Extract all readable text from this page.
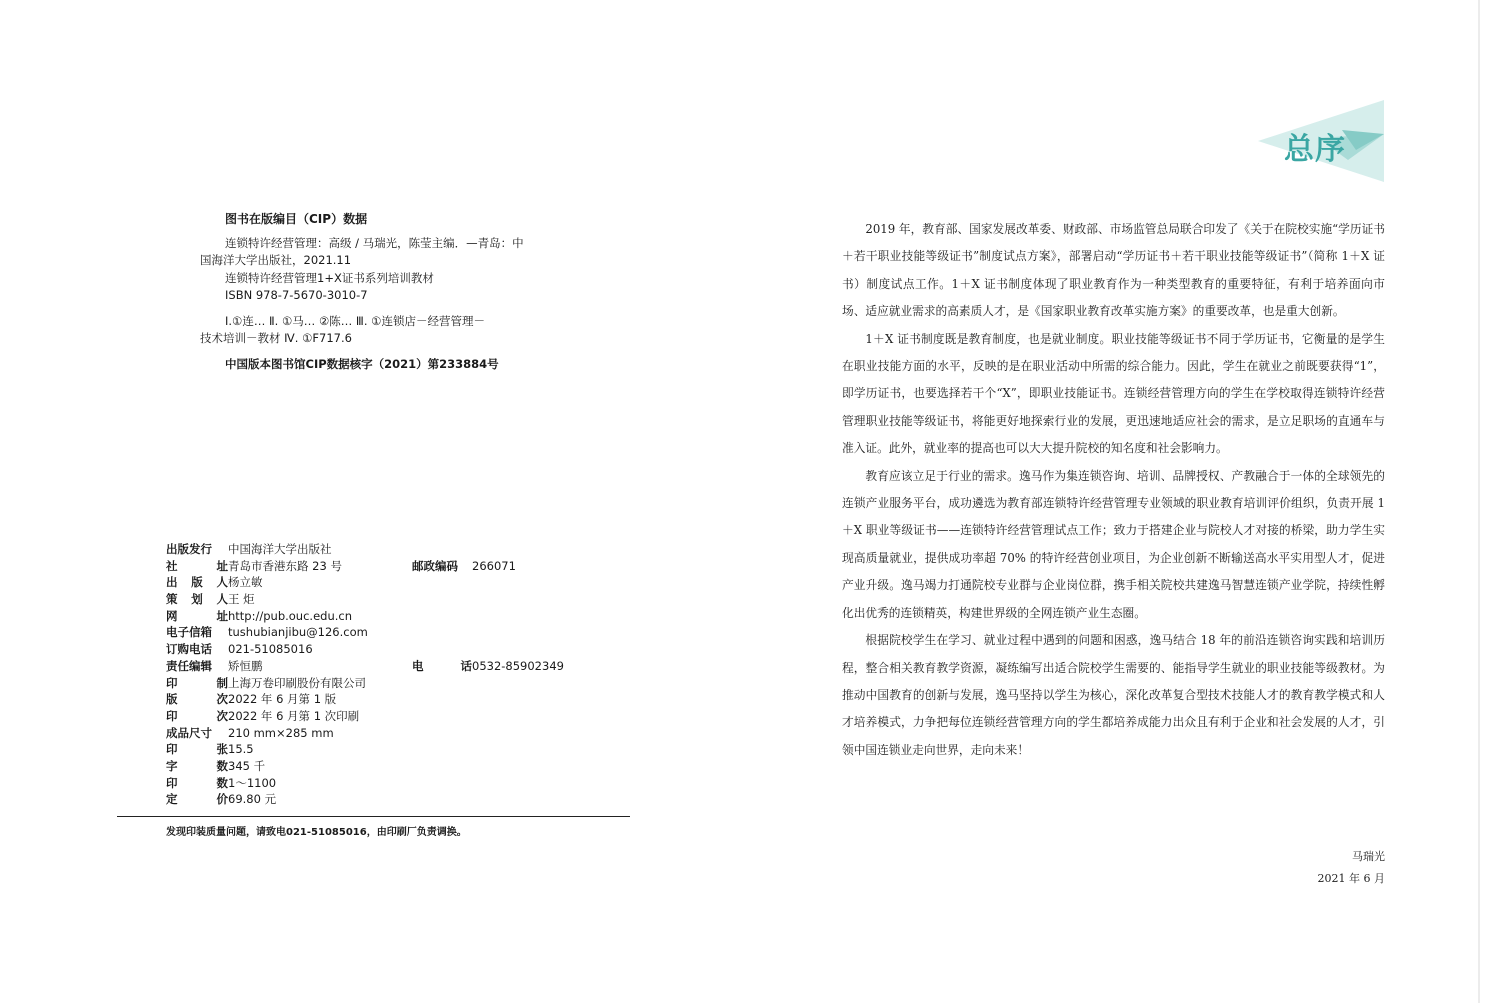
图书在版编目（CIP）数据
连锁特许经营管理：高级 / 马瑞光，陈莹主编．—青岛：中
国海洋大学出版社，2021.11
连锁特许经营管理1+X证书系列培训教材
ISBN 978-7-5670-3010-7
Ⅰ.①连… Ⅱ. ①马… ②陈… Ⅲ. ①连锁店－经营管理－
技术培训－教材 Ⅳ. ①F717.6
中国版本图书馆CIP数据核字（2021）第233884号
出版发行 中国海洋大学出版社
社	址 青岛市香港东路 23 号	邮政编码	266071
出 版 人 杨立敏
策 划 人 王 炬
网	址 http://pub.ouc.edu.cn
电子信箱 tushubianjibu@126.com
订购电话 021-51085016
责任编辑 矫恒鹏	电	话 0532-85902349
印	制 上海万卷印刷股份有限公司
版	次 2022 年 6 月第 1 版
印	次 2022 年 6 月第 1 次印刷
成品尺寸 210 mm×285 mm
印	张 15.5
字	数 345 千
印	数 1～1100
定	价 69.80 元
发现印装质量问题，请致电021-51085016，由印刷厂负责调换。
总序

2019 年，教育部、国家发展改革委、财政部、市场监管总局联合印发了《关于在院校实施“学历证书＋若干职业技能等级证书”制度试点方案》，部署启动“学历证书＋若干职业技能等级证书”（简称 1＋X 证书）制度试点工作。1＋X 证书制度体现了职业教育作为一种类型教育的重要特征，有利于培养面向市场、适应就业需求的高素质人才，是《国家职业教育改革实施方案》的重要改革，也是重大创新。

1＋X 证书制度既是教育制度，也是就业制度。职业技能等级证书不同于学历证书，它衡量的是学生在职业技能方面的水平，反映的是在职业活动中所需的综合能力。因此，学生在就业之前既要获得“1”，即学历证书，也要选择若干个“X”，即职业技能证书。连锁经营管理方向的学生在学校取得连锁特许经营管理职业技能等级证书，将能更好地探索行业的发展，更迅速地适应社会的需求，是立足职场的直通车与准入证。此外，就业率的提高也可以大大提升院校的知名度和社会影响力。

教育应该立足于行业的需求。逸马作为集连锁咨询、培训、品牌授权、产教融合于一体的全球领先的连锁产业服务平台，成功遴选为教育部连锁特许经营管理专业领域的职业教育培训评价组织，负责开展 1＋X 职业等级证书——连锁特许经营管理试点工作；致力于搭建企业与院校人才对接的桥梁，助力学生实现高质量就业，提供成功率超 70% 的特许经营创业项目，为企业创新不断输送高水平实用型人才，促进产业升级。逸马竭力打通院校专业群与企业岗位群，携手相关院校共建逸马智慧连锁产业学院，持续性孵化出优秀的连锁精英，构建世界级的全网连锁产业生态圈。

根据院校学生在学习、就业过程中遇到的问题和困惑，逸马结合 18 年的前沿连锁咨询实践和培训历程，整合相关教育教学资源，凝练编写出适合院校学生需要的、能指导学生就业的职业技能等级教材。为推动中国教育的创新与发展，逸马坚持以学生为核心，深化改革复合型技术技能人才的教育教学模式和人才培养模式，力争把每位连锁经营管理方向的学生都培养成能力出众且有利于企业和社会发展的人才，引领中国连锁业走向世界，走向未来！

马瑞光
2021 年 6 月
